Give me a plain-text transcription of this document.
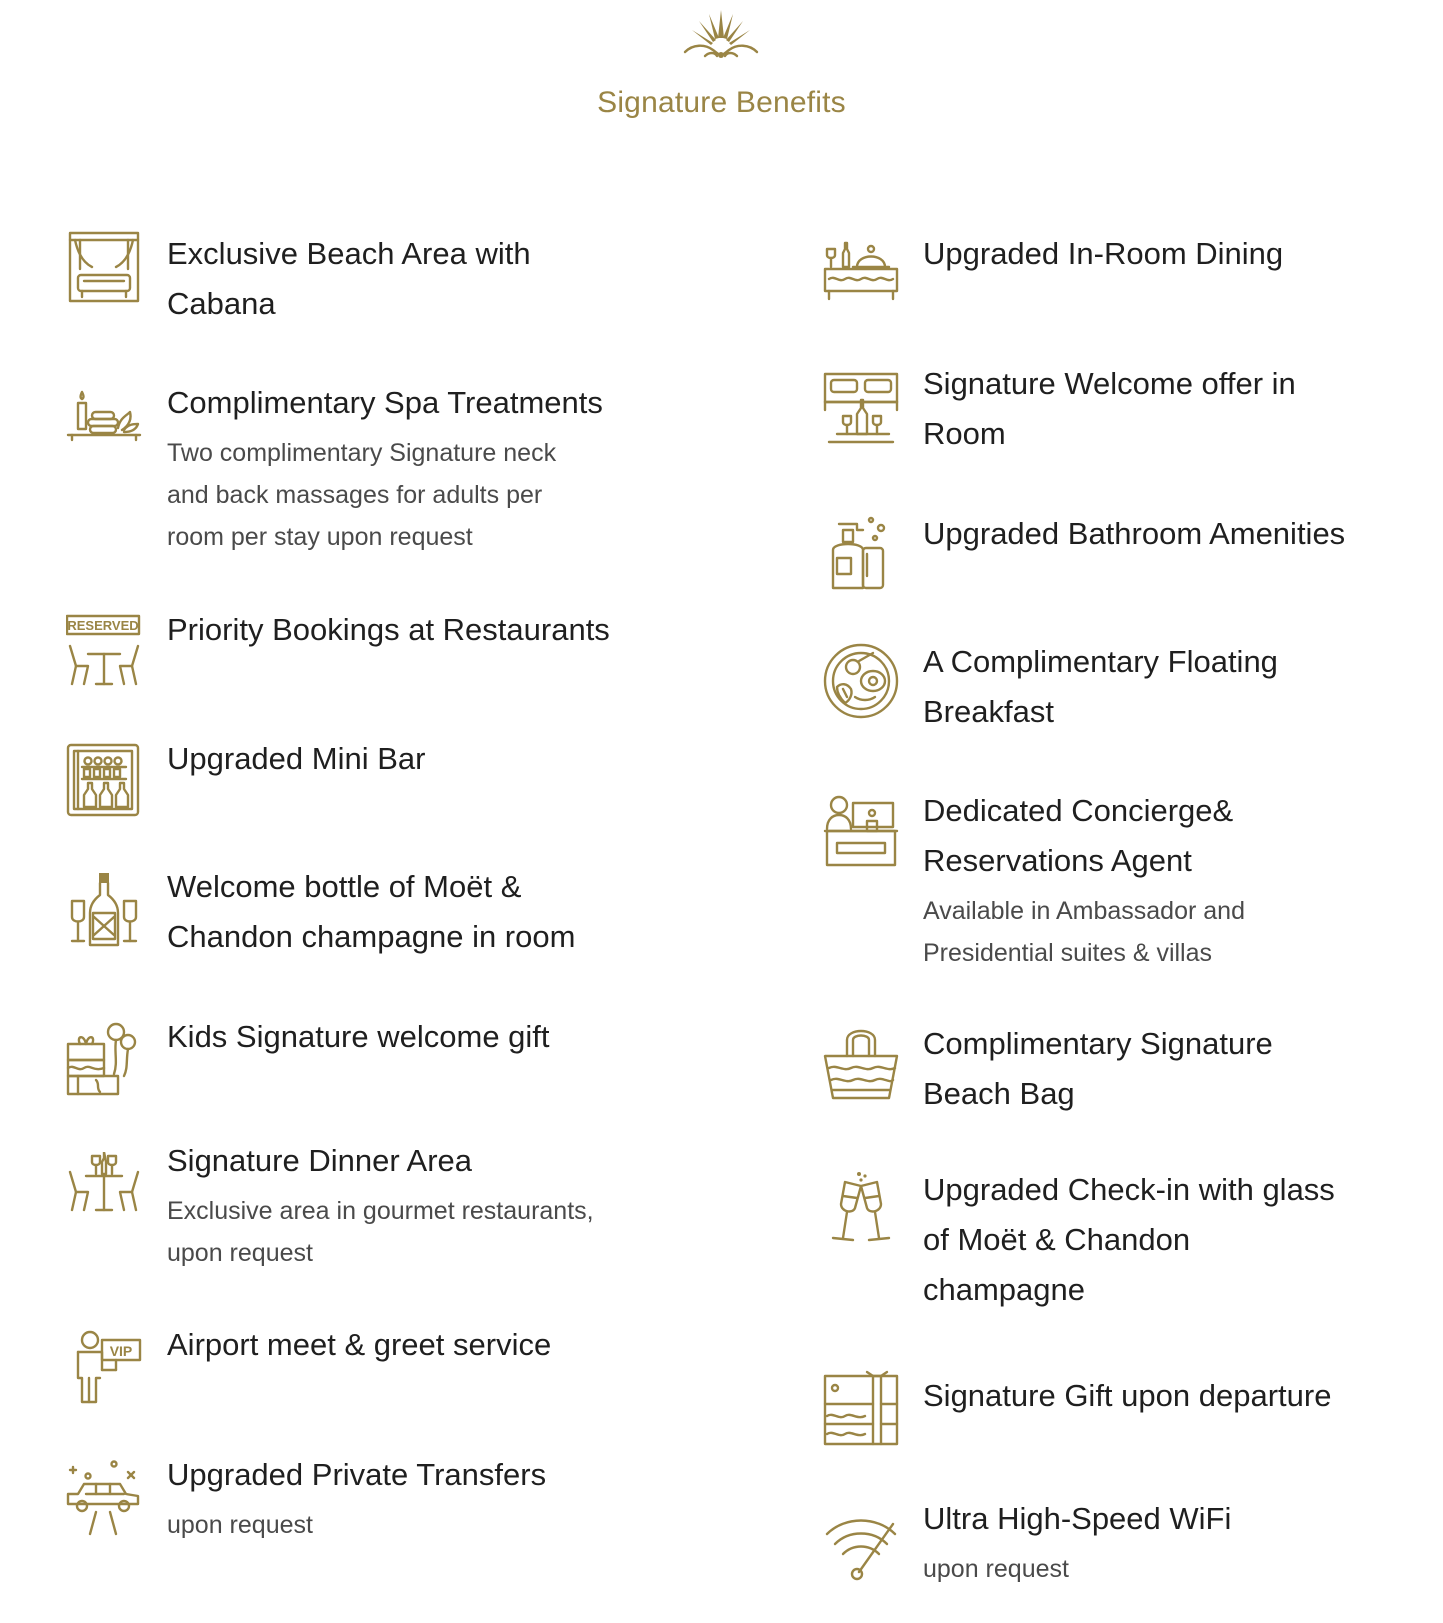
Signature Benefits
Exclusive Beach Area with
Cabana
Complimentary Spa Treatments
Two complimentary Signature neck
and back massages for adults per
room per stay upon request
RESERVED Priority Bookings at Restaurants
Upgraded Mini Bar
Welcome bottle of Moët &
Chandon champagne in room
Kids Signature welcome gift
Signature Dinner Area
Exclusive area in gourmet restaurants,
upon request
VIP Airport meet & greet service
Upgraded Private Transfers
upon request
Upgraded In-Room Dining
Signature Welcome offer in
Room
Upgraded Bathroom Amenities
A Complimentary Floating
Breakfast
Dedicated Concierge&
Reservations Agent
Available in Ambassador and
Presidential suites & villas
Complimentary Signature
Beach Bag
Upgraded Check-in with glass
of Moët & Chandon
champagne
Signature Gift upon departure
Ultra High-Speed WiFi
upon request
